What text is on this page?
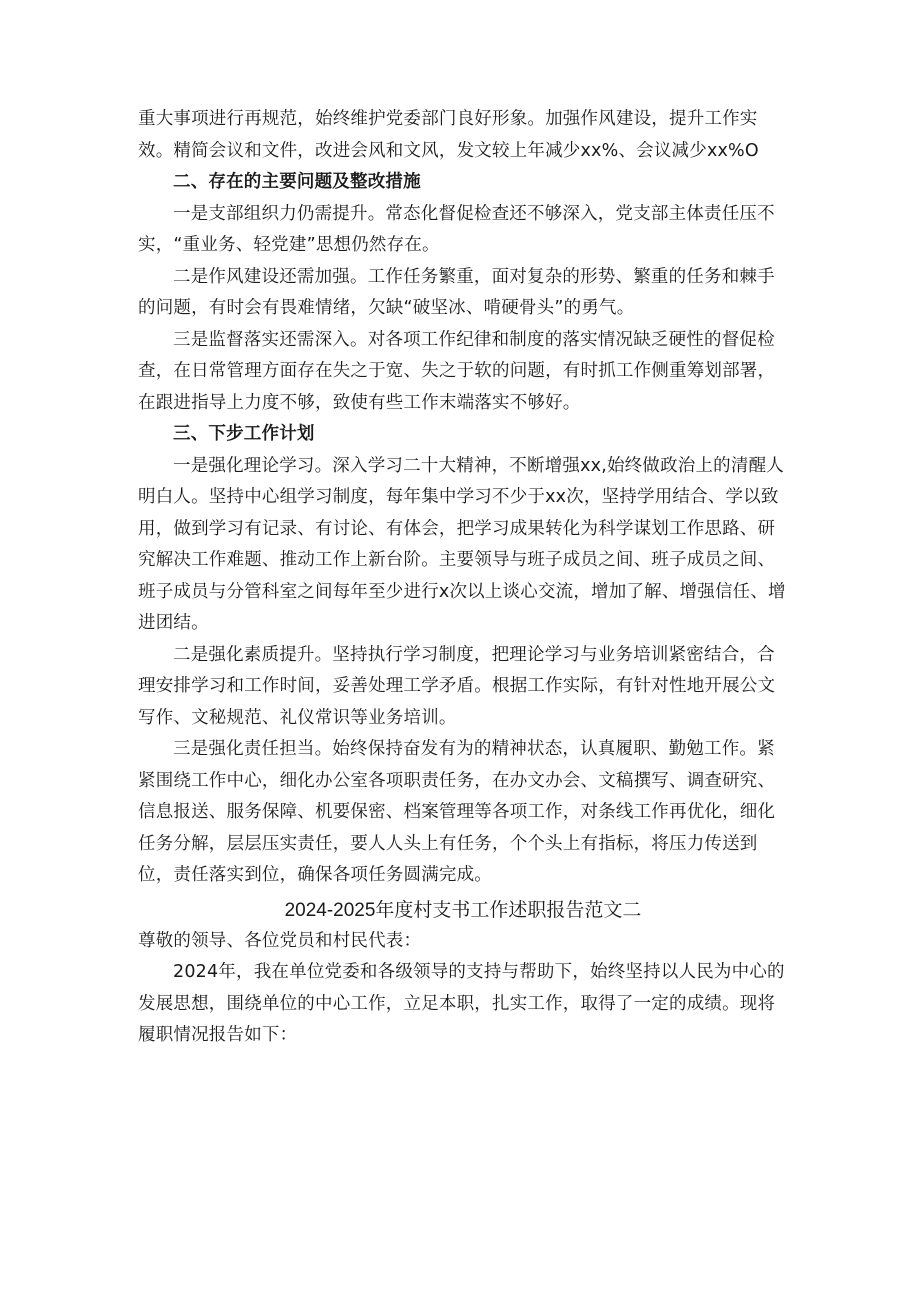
重大事项进行再规范，始终维护党委部门良好形象。加强作风建设，提升工作实效。精简会议和文件，改进会风和文风，发文较上年减少xx%、会议减少xx%O

二、存在的主要问题及整改措施

一是支部组织力仍需提升。常态化督促检查还不够深入，党支部主体责任压不实，“重业务、轻党建”思想仍然存在。

二是作风建设还需加强。工作任务繁重，面对复杂的形势、繁重的任务和棘手的问题，有时会有畏难情绪，欠缺“破坚冰、啃硬骨头”的勇气。

三是监督落实还需深入。对各项工作纪律和制度的落实情况缺乏硬性的督促检查，在日常管理方面存在失之于宽、失之于软的问题，有时抓工作侧重筹划部署，在跟进指导上力度不够，致使有些工作末端落实不够好。

三、下步工作计划

一是强化理论学习。深入学习二十大精神，不断增强xx,始终做政治上的清醒人明白人。坚持中心组学习制度，每年集中学习不少于xx次，坚持学用结合、学以致用，做到学习有记录、有讨论、有体会，把学习成果转化为科学谋划工作思路、研究解决工作难题、推动工作上新台阶。主要领导与班子成员之间、班子成员之间、班子成员与分管科室之间每年至少进行x次以上谈心交流，增加了解、增强信任、增进团结。

二是强化素质提升。坚持执行学习制度，把理论学习与业务培训紧密结合，合理安排学习和工作时间，妥善处理工学矛盾。根据工作实际，有针对性地开展公文写作、文秘规范、礼仪常识等业务培训。

三是强化责任担当。始终保持奋发有为的精神状态，认真履职、勤勉工作。紧紧围绕工作中心，细化办公室各项职责任务，在办文办会、文稿撰写、调查研究、信息报送、服务保障、机要保密、档案管理等各项工作，对条线工作再优化，细化任务分解，层层压实责任，要人人头上有任务，个个头上有指标，将压力传送到位，责任落实到位，确保各项任务圆满完成。

2024-2025年度村支书工作述职报告范文二

尊敬的领导、各位党员和村民代表：

2024年，我在单位党委和各级领导的支持与帮助下，始终坚持以人民为中心的发展思想，围绕单位的中心工作，立足本职，扎实工作，取得了一定的成绩。现将履职情况报告如下：
